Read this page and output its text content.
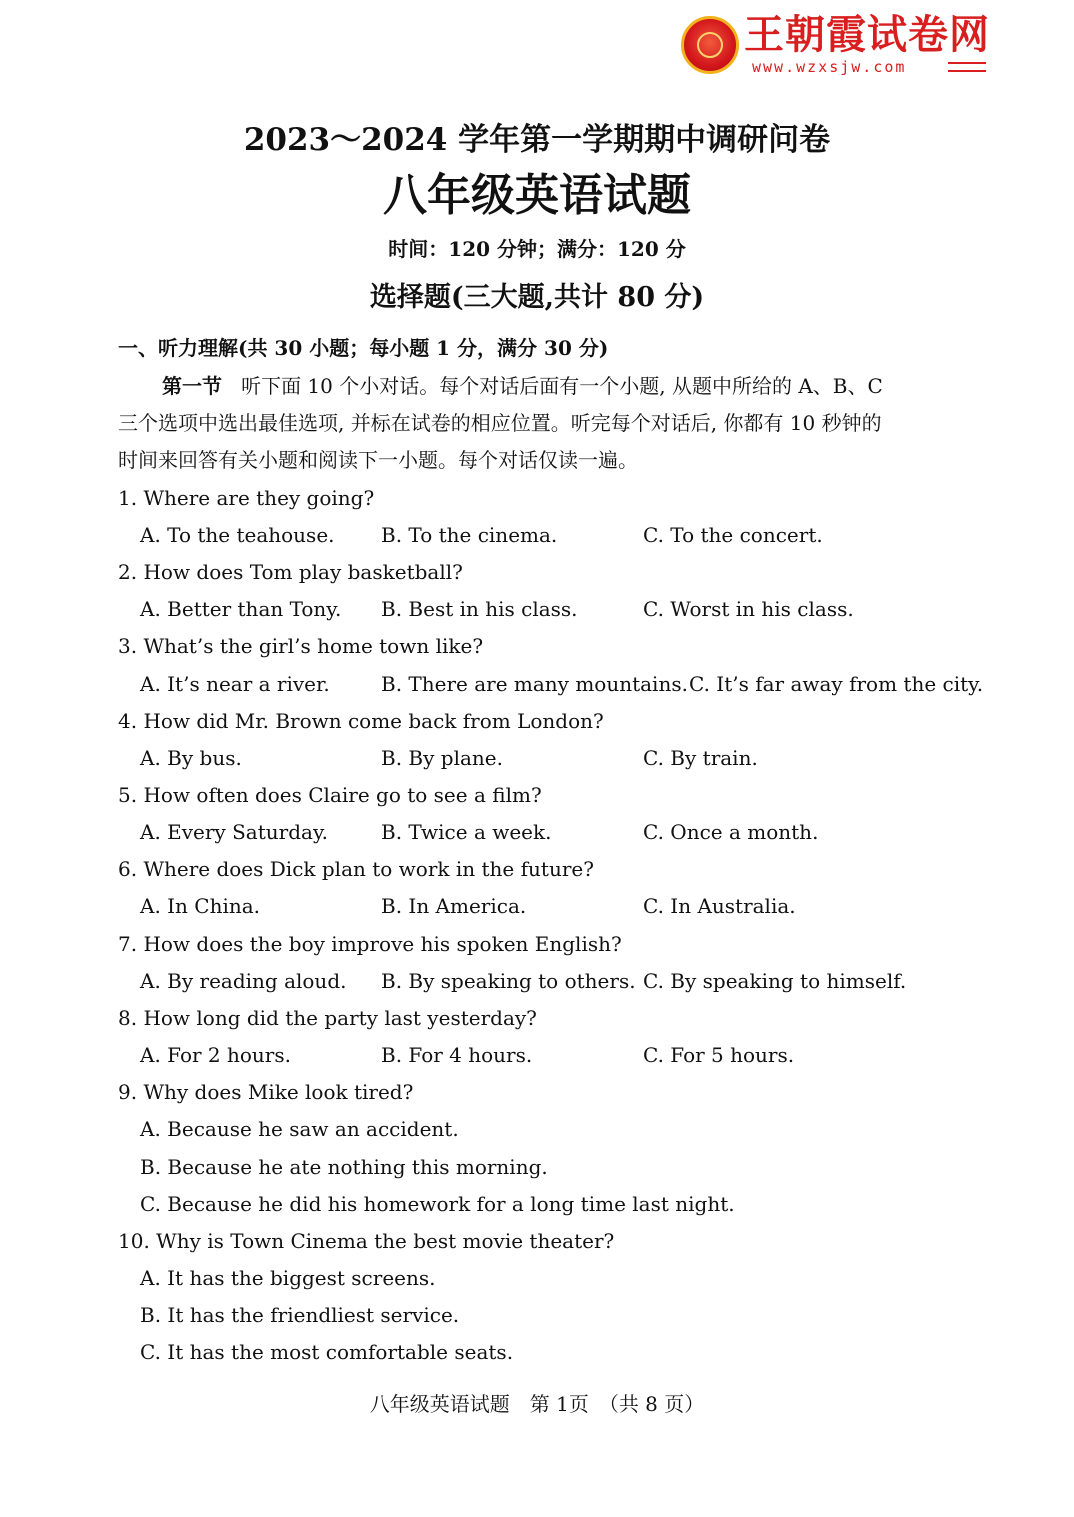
王朝霞试卷网
www.wzxsjw.com
2023～2024 学年第一学期期中调研问卷
八年级英语试题
时间：120 分钟；满分：120 分
选择题(三大题,共计 80 分)
一、听力理解(共 30 小题；每小题 1 分，满分 30 分)
第一节 听下面 10 个小对话。每个对话后面有一个小题, 从题中所给的 A、B、C
三个选项中选出最佳选项, 并标在试卷的相应位置。听完每个对话后, 你都有 10 秒钟的
时间来回答有关小题和阅读下一小题。每个对话仅读一遍。
1. Where are they going?
A. To the teahouse. B. To the cinema.	C. To the concert.
2. How does Tom play basketball?
A. Better than Tony. B. Best in his class.	C. Worst in his class.
3. What’s the girl’s home town like?
A. It’s near a river.	B. There are many mountains. C. It’s far away from the city.
4. How did Mr. Brown come back from London?
A. By bus.	B. By plane.	C. By train.
5. How often does Claire go to see a film?
A. Every Saturday.	B. Twice a week.	C. Once a month.
6. Where does Dick plan to work in the future?
A. In China.	B. In America.	C. In Australia.
7. How does the boy improve his spoken English?
A. By reading aloud. B. By speaking to others. C. By speaking to himself.
8. How long did the party last yesterday?
A. For 2 hours.	B. For 4 hours.	C. For 5 hours.
9. Why does Mike look tired?
A. Because he saw an accident.
B. Because he ate nothing this morning.
C. Because he did his homework for a long time last night.
10. Why is Town Cinema the best movie theater?
A. It has the biggest screens.
B. It has the friendliest service.
C. It has the most comfortable seats.
八年级英语试题　第 1页　（共 8 页）
